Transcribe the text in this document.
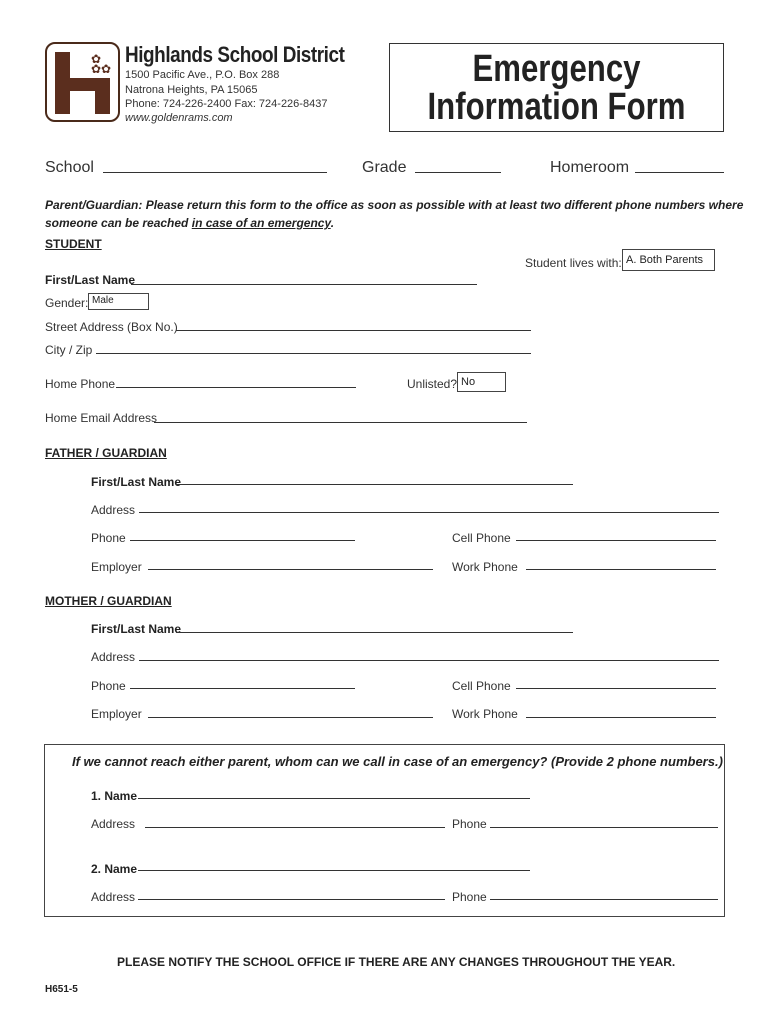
✿
✿✿
Highlands School District
1500 Pacific Ave., P.O. Box 288
Natrona Heights, PA 15065
Phone: 724-226-2400 Fax: 724-226-8437
www.goldenrams.com
Emergency
Information Form
School	Grade	Homeroom
Parent/Guardian: Please return this form to the office as soon as possible with at least two different phone numbers where
someone can be reached in case of an emergency.
STUDENT
Student lives with: A. Both Parents
First/Last Name
Gender: Male
Street Address (Box No.)
City / Zip
Home Phone	Unlisted? No
Home Email Address
FATHER / GUARDIAN
First/Last Name
Address
Phone	Cell Phone
Employer	Work Phone
MOTHER / GUARDIAN
First/Last Name
Address
Phone	Cell Phone
Employer	Work Phone
If we cannot reach either parent, whom can we call in case of an emergency? (Provide 2 phone numbers.)
1. Name
Address	Phone
2. Name
Address	Phone
PLEASE NOTIFY THE SCHOOL OFFICE IF THERE ARE ANY CHANGES THROUGHOUT THE YEAR.
H651-5
